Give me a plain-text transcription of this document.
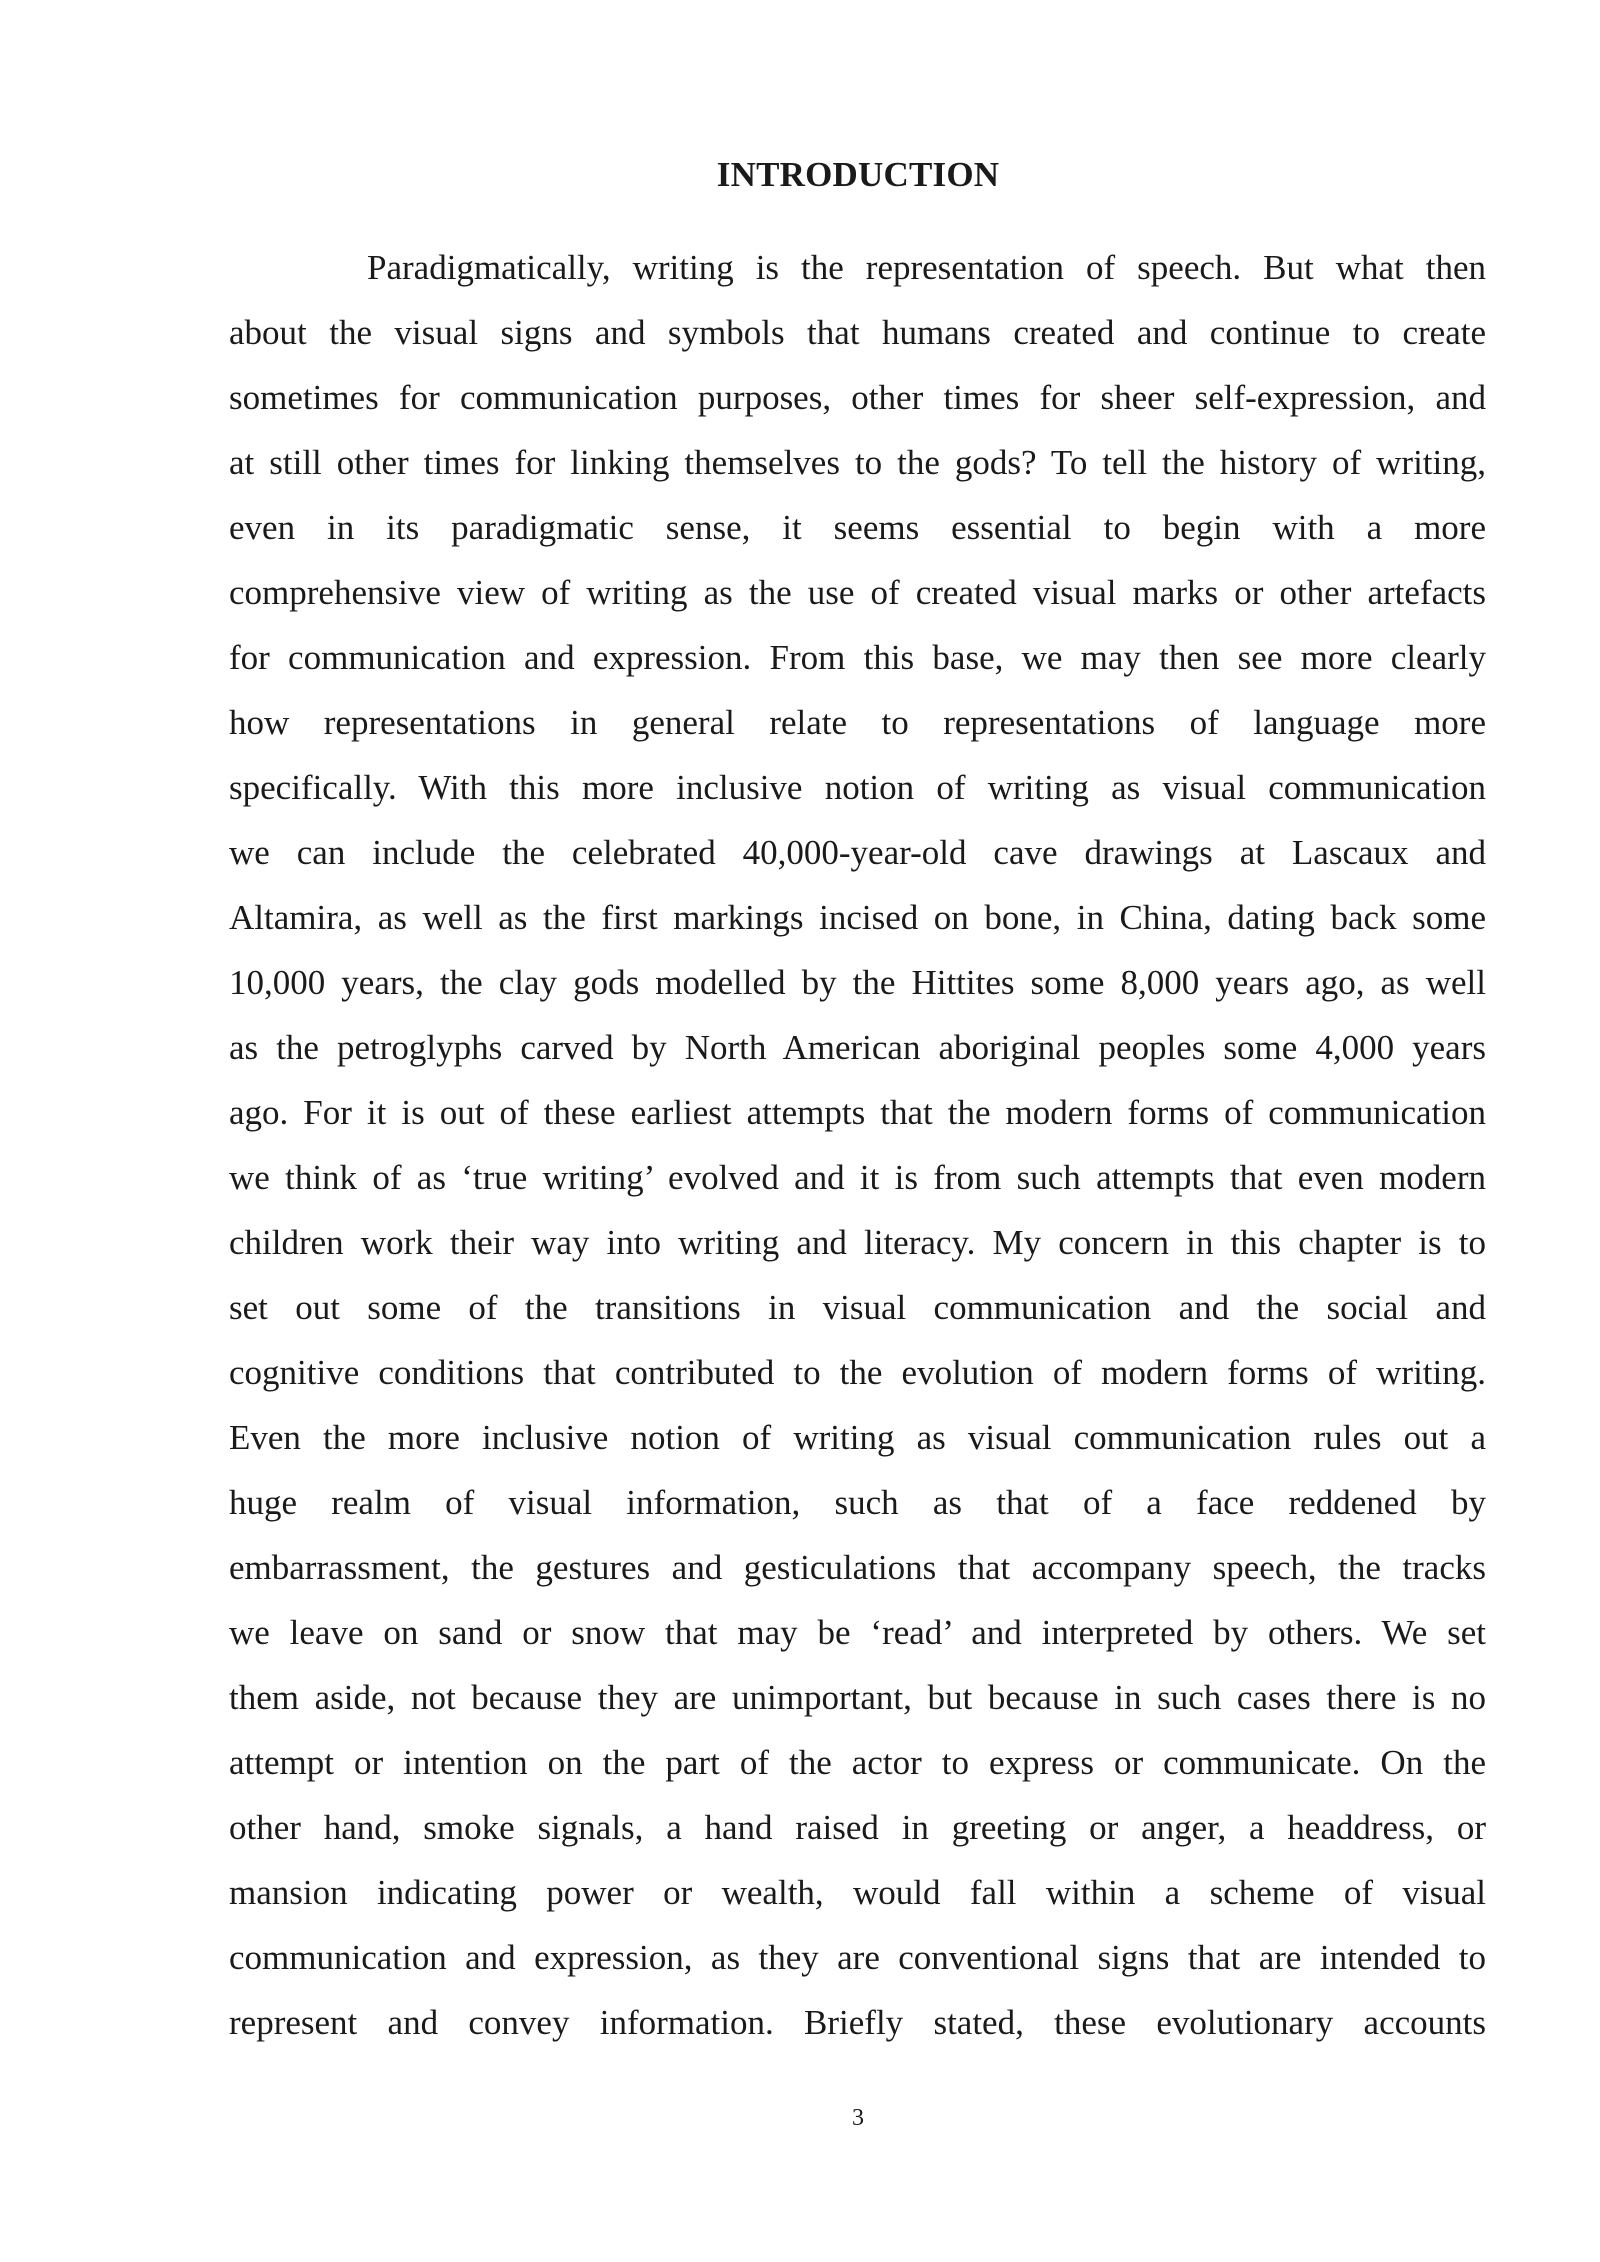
INTRODUCTION
Paradigmatically, writing is the representation of speech. But what then
about the visual signs and symbols that humans created and continue to create
sometimes for communication purposes, other times for sheer self-expression, and
at still other times for linking themselves to the gods? To tell the history of writing,
even in its paradigmatic sense, it seems essential to begin with a more
comprehensive view of writing as the use of created visual marks or other artefacts
for communication and expression. From this base, we may then see more clearly
how representations in general relate to representations of language more
specifically. With this more inclusive notion of writing as visual communication
we can include the celebrated 40,000-year-old cave drawings at Lascaux and
Altamira, as well as the first markings incised on bone, in China, dating back some
10,000 years, the clay gods modelled by the Hittites some 8,000 years ago, as well
as the petroglyphs carved by North American aboriginal peoples some 4,000 years
ago. For it is out of these earliest attempts that the modern forms of communication
we think of as ‘true writing’ evolved and it is from such attempts that even modern
children work their way into writing and literacy. My concern in this chapter is to
set out some of the transitions in visual communication and the social and
cognitive conditions that contributed to the evolution of modern forms of writing.
Even the more inclusive notion of writing as visual communication rules out a
huge realm of visual information, such as that of a face reddened by
embarrassment, the gestures and gesticulations that accompany speech, the tracks
we leave on sand or snow that may be ‘read’ and interpreted by others. We set
them aside, not because they are unimportant, but because in such cases there is no
attempt or intention on the part of the actor to express or communicate. On the
other hand, smoke signals, a hand raised in greeting or anger, a headdress, or
mansion indicating power or wealth, would fall within a scheme of visual
communication and expression, as they are conventional signs that are intended to
represent and convey information. Briefly stated, these evolutionary accounts
3
